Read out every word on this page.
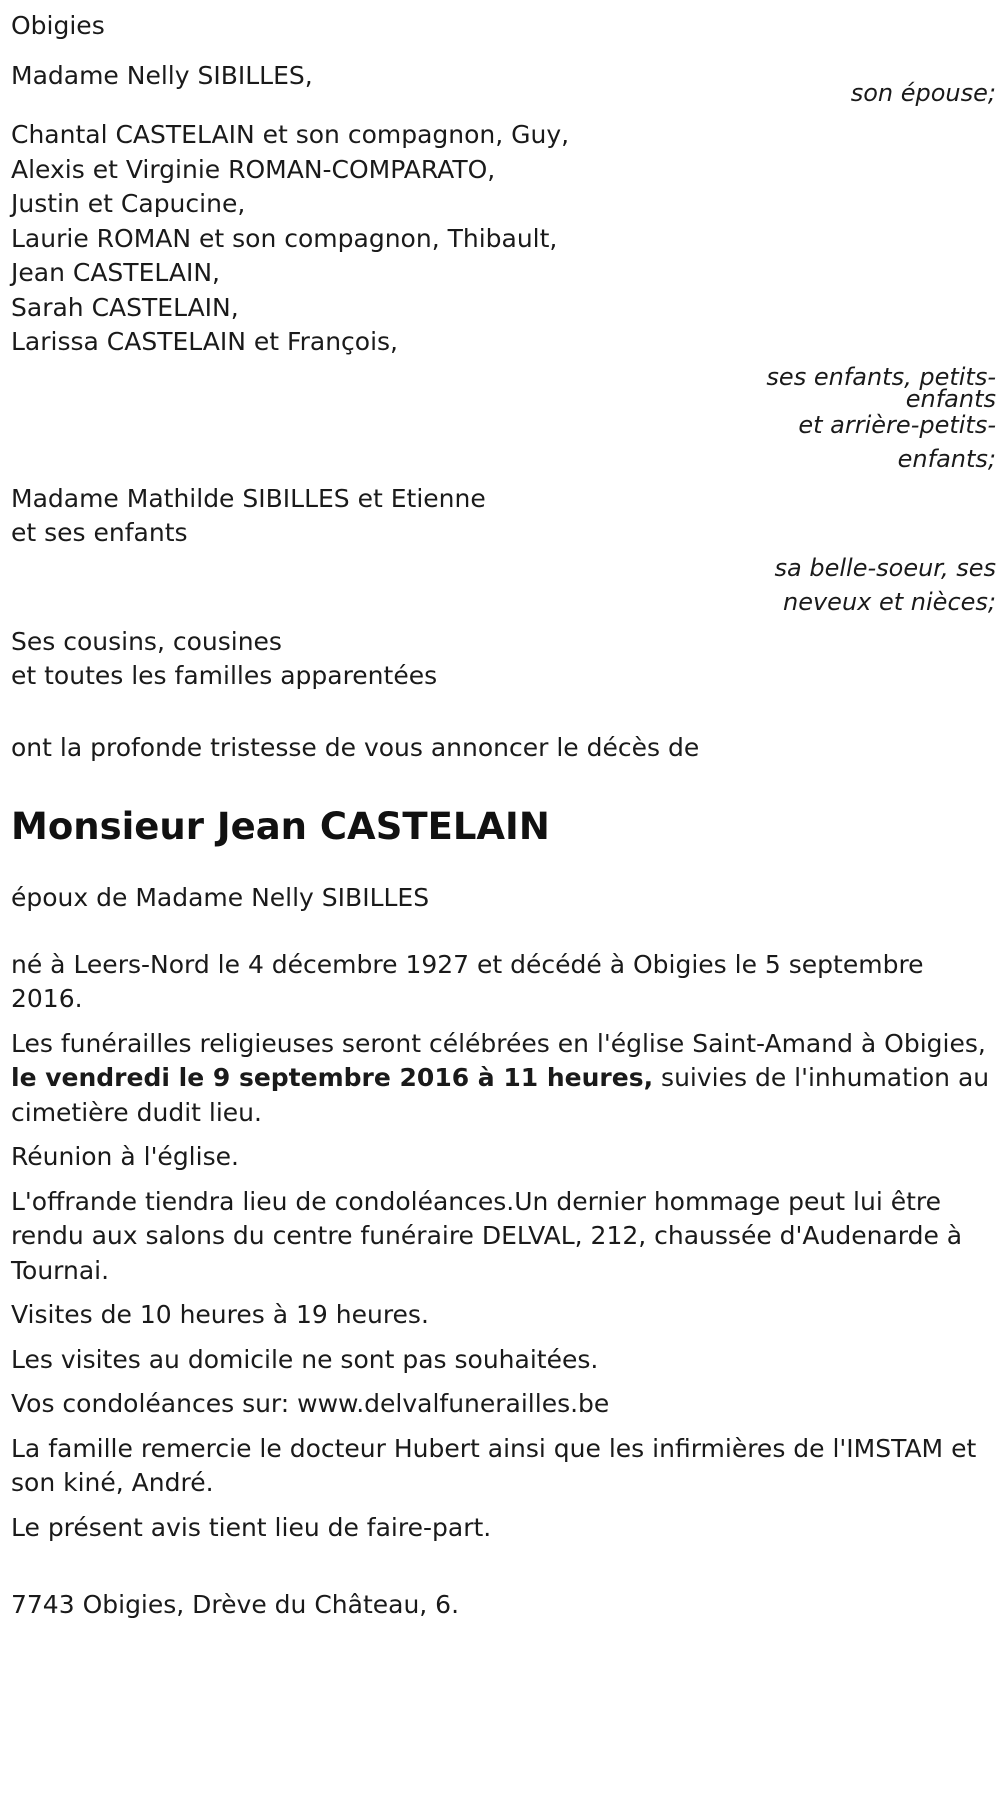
Obigies
Madame Nelly SIBILLES,
son épouse;
Chantal CASTELAIN et son compagnon, Guy,
Alexis et Virginie ROMAN-COMPARATO,
Justin et Capucine,
Laurie ROMAN et son compagnon, Thibault,
Jean CASTELAIN,
Sarah CASTELAIN,
Larissa CASTELAIN et François,
ses enfants, petits-
enfants
et arrière-petits-
enfants;
Madame Mathilde SIBILLES et Etienne
et ses enfants
sa belle-soeur, ses
neveux et nièces;
Ses cousins, cousines
et toutes les familles apparentées
ont la profonde tristesse de vous annoncer le décès de
Monsieur Jean CASTELAIN
époux de Madame Nelly SIBILLES
né à Leers-Nord le 4 décembre 1927 et décédé à Obigies le 5 septembre 2016.
Les funérailles religieuses seront célébrées en l'église Saint-Amand à Obigies, le vendredi le 9 septembre 2016 à 11 heures, suivies de l'inhumation au cimetière dudit lieu.
Réunion à l'église.
L'offrande tiendra lieu de condoléances.Un dernier hommage peut lui être rendu aux salons du centre funéraire DELVAL, 212, chaussée d'Audenarde à Tournai.
Visites de 10 heures à 19 heures.
Les visites au domicile ne sont pas souhaitées.
Vos condoléances sur: www.delvalfunerailles.be
La famille remercie le docteur Hubert ainsi que les infirmières de l'IMSTAM et son kiné, André.
Le présent avis tient lieu de faire-part.
7743 Obigies, Drève du Château, 6.
